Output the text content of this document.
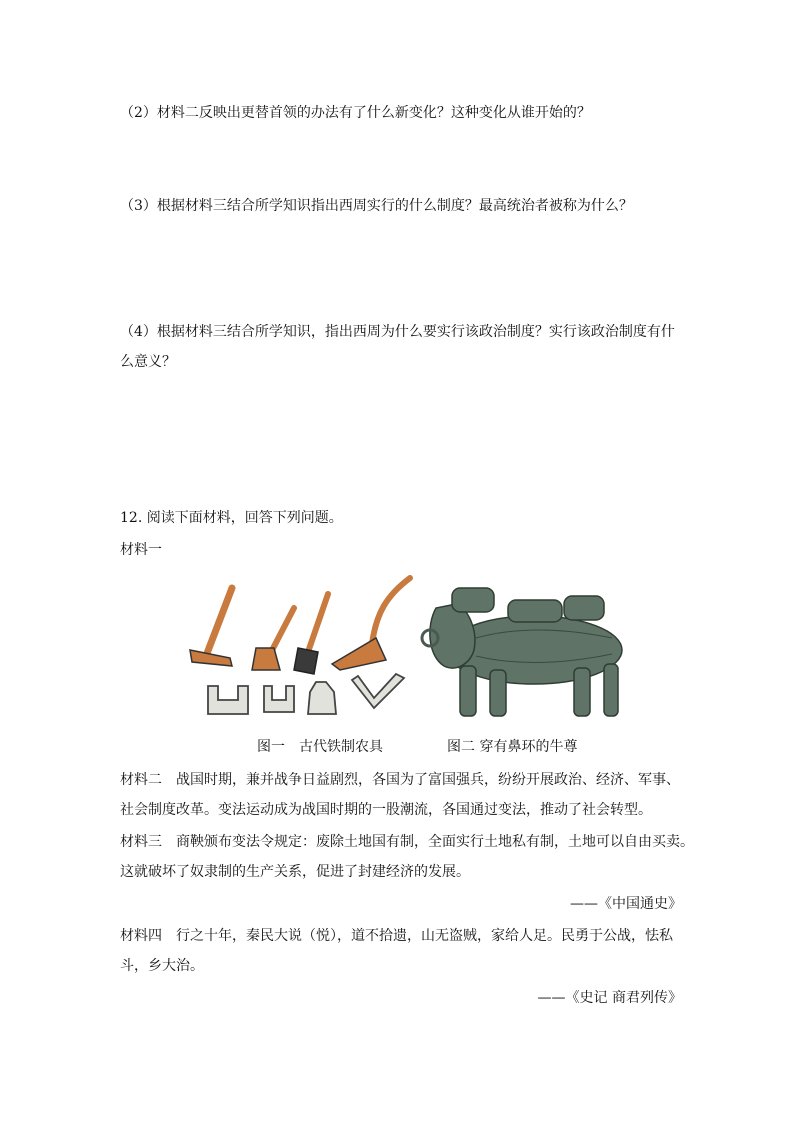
（2）材料二反映出更替首领的办法有了什么新变化？这种变化从谁开始的？
（3）根据材料三结合所学知识指出西周实行的什么制度？最高统治者被称为什么？
（4）根据材料三结合所学知识，指出西周为什么要实行该政治制度？实行该政治制度有什
么意义？
12. 阅读下面材料，回答下列问题。
材料一
图一　古代铁制农具	图二 穿有鼻环的牛尊
材料二　战国时期，兼并战争日益剧烈，各国为了富国强兵，纷纷开展政治、经济、军事、
社会制度改革。变法运动成为战国时期的一股潮流，各国通过变法，推动了社会转型。
材料三　商鞅颁布变法令规定：废除土地国有制，全面实行土地私有制，土地可以自由买卖。
这就破坏了奴隶制的生产关系，促进了封建经济的发展。
——《中国通史》
材料四　行之十年，秦民大说（悦），道不拾遗，山无盗贼，家给人足。民勇于公战，怯私
斗，乡大治。
——《史记 商君列传》
